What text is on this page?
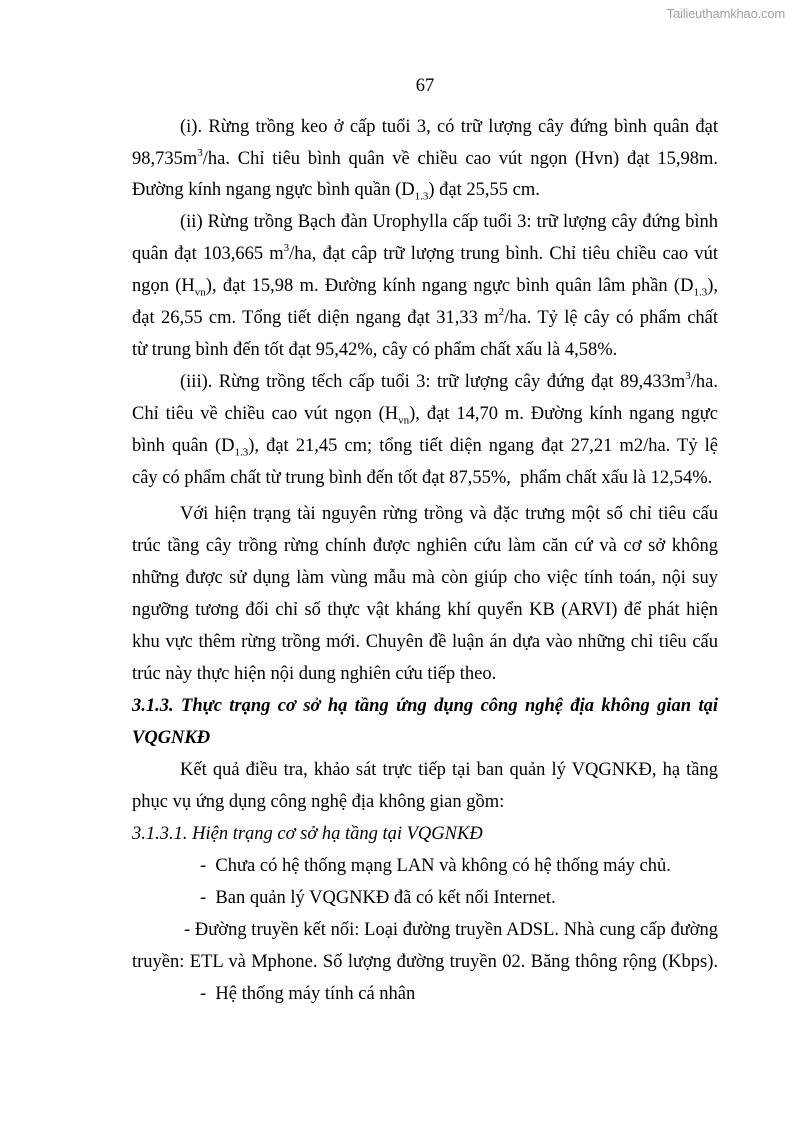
Tailieuthamkhao.com
67
(i). Rừng trồng keo ở cấp tuổi 3, có trữ lượng cây đứng bình quân đạt
$98,735m^3/ha$. Chỉ tiêu bình quân về chiều cao vút ngọn (Hvn) đạt 15,98m.
Đường kính ngang ngực bình quần $(D_{1.3})$ đạt 25,55 cm.
(ii) Rừng trồng Bạch đàn Urophylla cấp tuổi 3: trữ lượng cây đứng bình
quân đạt 103,665 $m^3/ha$, đạt câp trữ lượng trung bình. Chỉ tiêu chiều cao vút
ngọn $(H_{vn})$, đạt 15,98 m. Đường kính ngang ngực bình quân lâm phần $(D_{1.3})$,
đạt 26,55 cm. Tổng tiết diện ngang đạt 31,33 $m^2/ha$. Tỷ lệ cây có phẩm chất
từ trung bình đến tốt đạt 95,42%, cây có phẩm chất xấu là 4,58%.
(iii). Rừng trồng tếch cấp tuổi 3: trữ lượng cây đứng đạt $89,433m^3/ha$.
Chỉ tiêu về chiều cao vút ngọn $(H_{vn})$, đạt 14,70 m. Đường kính ngang ngực
bình quân $(D_{1.3})$, đạt 21,45 cm; tổng tiết diện ngang đạt 27,21 m2/ha. Tỷ lệ
cây có phẩm chất từ trung bình đến tốt đạt 87,55%,  phẩm chất xấu là 12,54%.
Với hiện trạng tài nguyên rừng trồng và đặc trưng một số chỉ tiêu cấu
trúc tầng cây trồng rừng chính được nghiên cứu làm căn cứ và cơ sở không
những được sử dụng làm vùng mẫu mà còn giúp cho việc tính toán, nội suy
ngưỡng tương đối chỉ số thực vật kháng khí quyển KB (ARVI) để phát hiện
khu vực thêm rừng trồng mới. Chuyên đề luận án dựa vào những chỉ tiêu cấu
trúc này thực hiện nội dung nghiên cứu tiếp theo.
3.1.3. Thực trạng cơ sở hạ tầng ứng dụng công nghệ địa không gian tại
VQGNKĐ
Kết quả điều tra, khảo sát trực tiếp tại ban quản lý VQGNKĐ, hạ tầng
phục vụ ứng dụng công nghệ địa không gian gồm:
3.1.3.1. Hiện trạng cơ sở hạ tầng tại VQGNKĐ
-  Chưa có hệ thống mạng LAN và không có hệ thống máy chủ.
-  Ban quản lý VQGNKĐ đã có kết nối Internet.
- Đường truyền kết nối: Loại đường truyền ADSL. Nhà cung cấp đường
truyền: ETL và Mphone. Số lượng đường truyền 02. Băng thông rộng (Kbps).
-  Hệ thống máy tính cá nhân
